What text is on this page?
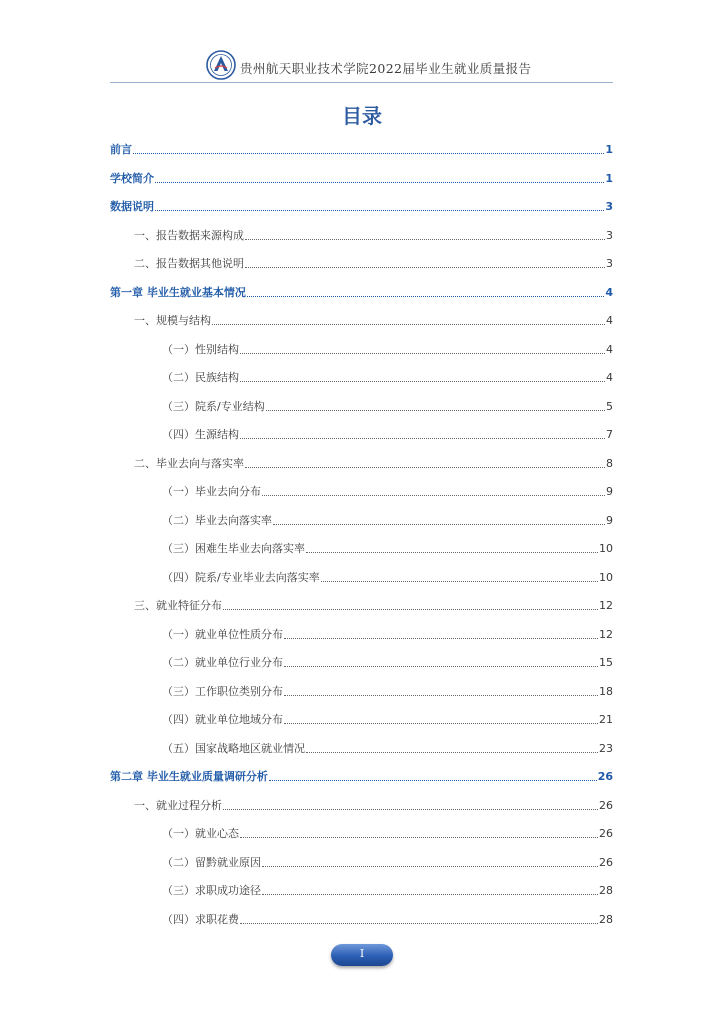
贵州航天职业技术学院2022届毕业生就业质量报告
目录
前言	1
学校简介	1
数据说明	3
一、报告数据来源构成	3
二、报告数据其他说明	3
第一章 毕业生就业基本情况	4
一、规模与结构	4
（一）性别结构	4
（二）民族结构	4
（三）院系/专业结构	5
（四）生源结构	7
二、毕业去向与落实率	8
（一）毕业去向分布	9
（二）毕业去向落实率	9
（三）困难生毕业去向落实率	10
（四）院系/专业毕业去向落实率	10
三、就业特征分布	12
（一）就业单位性质分布	12
（二）就业单位行业分布	15
（三）工作职位类别分布	18
（四）就业单位地域分布	21
（五）国家战略地区就业情况	23
第二章 毕业生就业质量调研分析	26
一、就业过程分析	26
（一）就业心态	26
（二）留黔就业原因	26
（三）求职成功途径	28
（四）求职花费	28
I
